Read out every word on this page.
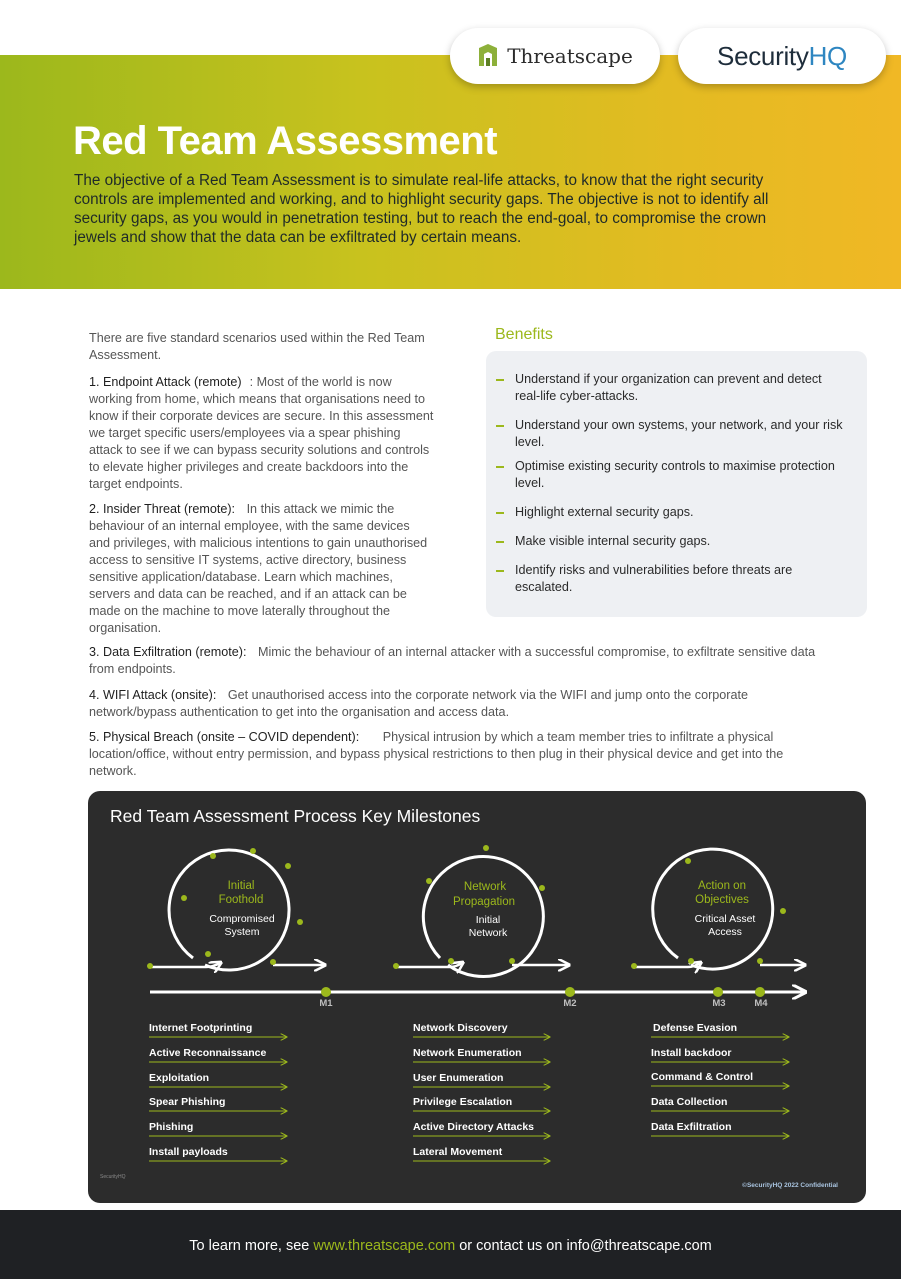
Red Team Assessment

The objective of a Red Team Assessment is to simulate real-life attacks, to know that the right security controls are implemented and working, and to highlight security gaps. The objective is not to identify all security gaps, as you would in penetration testing, but to reach the end-goal, to compromise the crown jewels and show that the data can be exfiltrated by certain means.

Threatscape	SecurityHQ
There are five standard scenarios used within the Red Team Assessment.
1. Endpoint Attack (remote) : Most of the world is now working from home, which means that organisations need to know if their corporate devices are secure. In this assessment we target specific users/employees via a spear phishing attack to see if we can bypass security solutions and controls to elevate higher privileges and create backdoors into the target endpoints.
2. Insider Threat (remote): In this attack we mimic the behaviour of an internal employee, with the same devices and privileges, with malicious intentions to gain unauthorised access to sensitive IT systems, active directory, business sensitive application/database. Learn which machines, servers and data can be reached, and if an attack can be made on the machine to move laterally throughout the organisation.
3. Data Exfiltration (remote): Mimic the behaviour of an internal attacker with a successful compromise, to exfiltrate sensitive data from endpoints.
4. WIFI Attack (onsite): Get unauthorised access into the corporate network via the WIFI and jump onto the corporate network/bypass authentication to get into the organisation and access data.
5. Physical Breach (onsite – COVID dependent): Physical intrusion by which a team member tries to infiltrate a physical location/office, without entry permission, and bypass physical restrictions to then plug in their physical device and get into the network.
Benefits
Understand if your organization can prevent and detect real-life cyber-attacks.
Understand your own systems, your network, and your risk level.
Optimise existing security controls to maximise protection level.
Highlight external security gaps.
Make visible internal security gaps.
Identify risks and vulnerabilities before threats are escalated.
Red Team Assessment Process Key Milestones
Initial
Foothold
Compromised
System
Network
Propagation
Initial
Network
Action on
Objectives
Critical Asset
Access
M1	M2	M3	M4
Internet Footprinting
Active Reconnaissance
Exploitation
Spear Phishing
Phishing
Install payloads
Network Discovery
Network Enumeration
User Enumeration
Privilege Escalation
Active Directory Attacks
Lateral Movement
Defense Evasion
Install backdoor
Command & Control
Data Collection
Data Exfiltration
SecurityHQ
©SecurityHQ 2022 Confidential
To learn more, see www.threatscape.com or contact us on info@threatscape.com
